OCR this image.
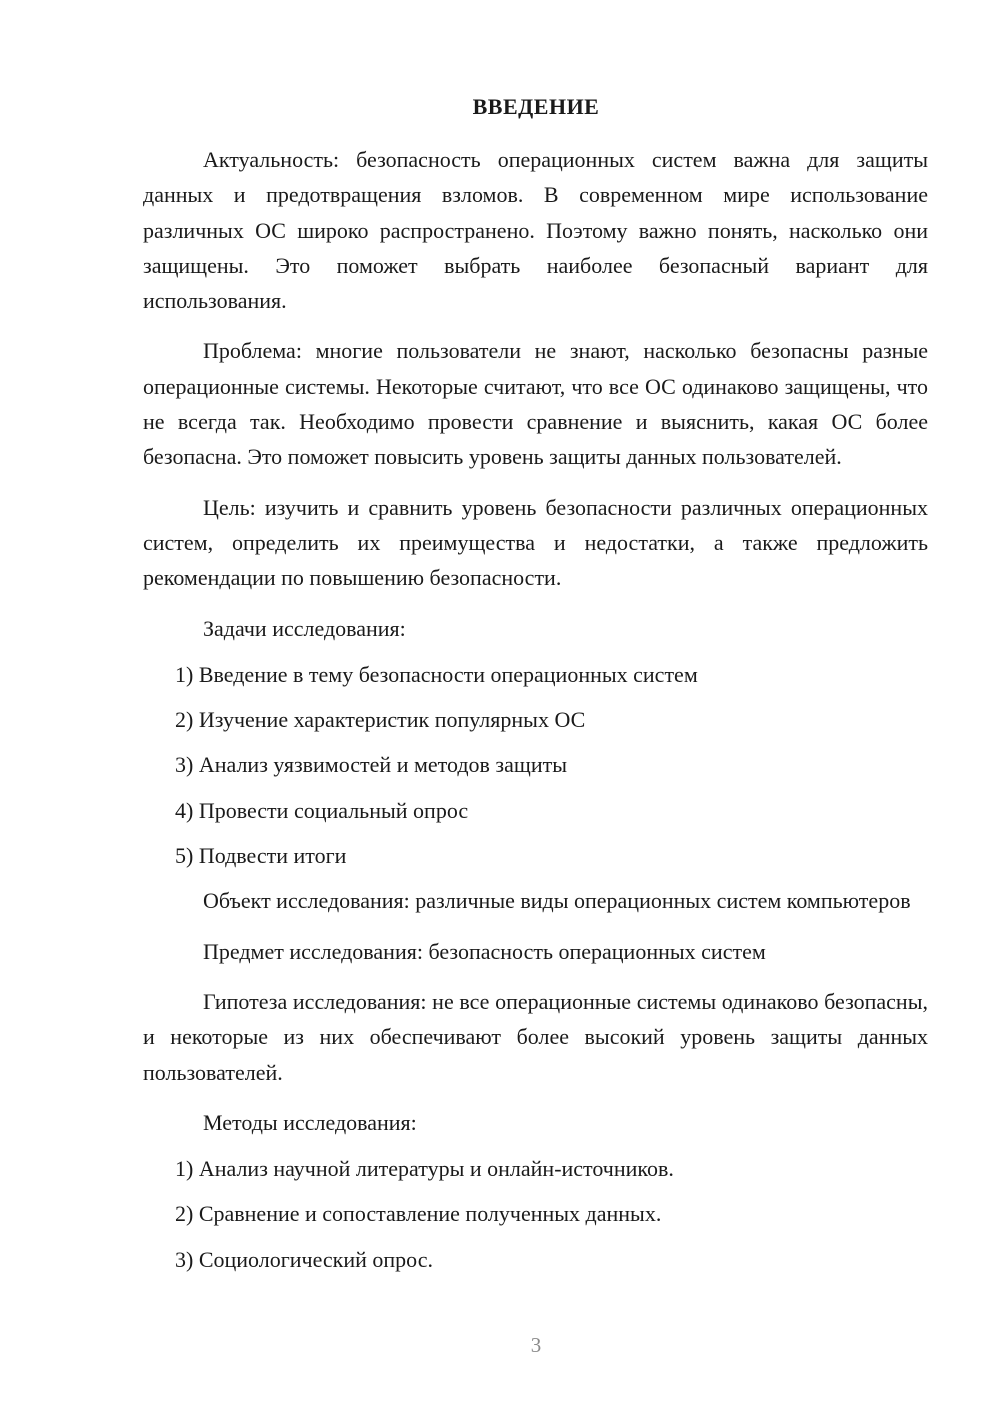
ВВЕДЕНИЕ

Актуальность: безопасность операционных систем важна для защиты данных и предотвращения взломов. В современном мире использование различных ОС широко распространено. Поэтому важно понять, насколько они защищены. Это поможет выбрать наиболее безопасный вариант для использования.

Проблема: многие пользователи не знают, насколько безопасны разные операционные системы. Некоторые считают, что все ОС одинаково защищены, что не всегда так. Необходимо провести сравнение и выяснить, какая ОС более безопасна. Это поможет повысить уровень защиты данных пользователей.

Цель: изучить и сравнить уровень безопасности различных операционных систем, определить их преимущества и недостатки, а также предложить рекомендации по повышению безопасности.

Задачи исследования:

1) Введение в тему безопасности операционных систем
2) Изучение характеристик популярных ОС
3) Анализ уязвимостей и методов защиты
4) Провести социальный опрос
5) Подвести итоги

Объект исследования: различные виды операционных систем компьютеров

Предмет исследования: безопасность операционных систем

Гипотеза исследования: не все операционные системы одинаково безопасны, и некоторые из них обеспечивают более высокий уровень защиты данных пользователей.

Методы исследования:

1) Анализ научной литературы и онлайн-источников.
2) Сравнение и сопоставление полученных данных.
3) Социологический опрос.
3
